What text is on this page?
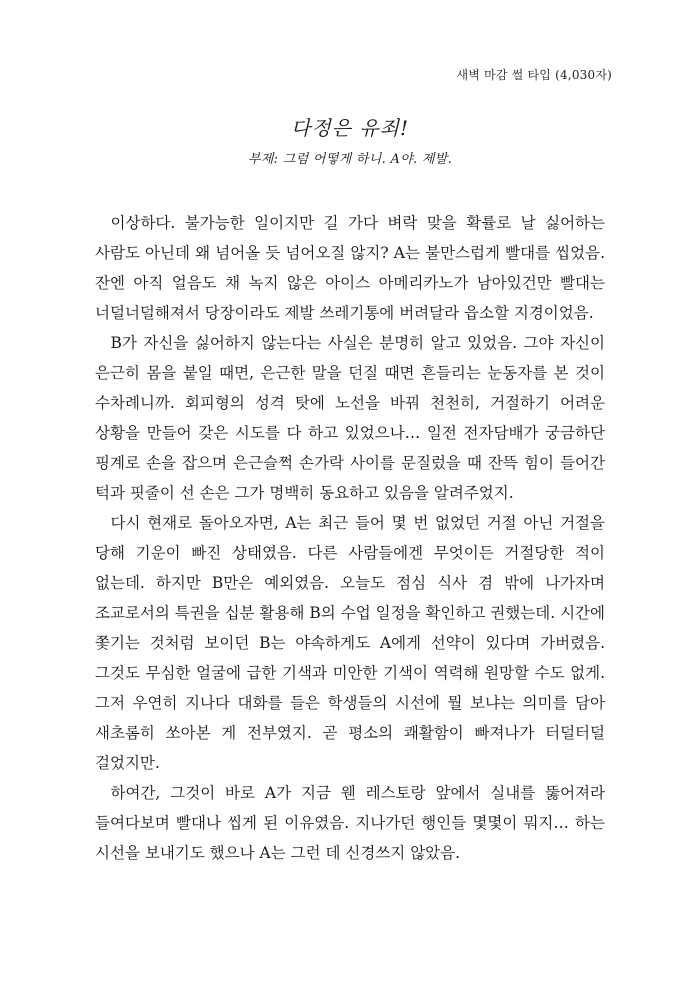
새벽 마감 썰 타입 (4,030자)
다정은 유죄!
부제: 그럼 어떻게 하니. A야. 제발.

이상하다. 불가능한 일이지만 길 가다 벼락 맞을 확률로 날 싫어하는 사람도 아닌데 왜 넘어올 듯 넘어오질 않지? A는 불만스럽게 빨대를 씹었음. 잔엔 아직 얼음도 채 녹지 않은 아이스 아메리카노가 남아있건만 빨대는 너덜너덜해져서 당장이라도 제발 쓰레기통에 버려달라 읍소할 지경이었음.

B가 자신을 싫어하지 않는다는 사실은 분명히 알고 있었음. 그야 자신이 은근히 몸을 붙일 때면, 은근한 말을 던질 때면 흔들리는 눈동자를 본 것이 수차례니까. 회피형의 성격 탓에 노선을 바꿔 천천히, 거절하기 어려운 상황을 만들어 갖은 시도를 다 하고 있었으나… 일전 전자담배가 궁금하단 핑계로 손을 잡으며 은근슬쩍 손가락 사이를 문질렀을 때 잔뜩 힘이 들어간 턱과 핏줄이 선 손은 그가 명백히 동요하고 있음을 알려주었지.

다시 현재로 돌아오자면, A는 최근 들어 몇 번 없었던 거절 아닌 거절을 당해 기운이 빠진 상태였음. 다른 사람들에겐 무엇이든 거절당한 적이 없는데. 하지만 B만은 예외였음. 오늘도 점심 식사 겸 밖에 나가자며 조교로서의 특권을 십분 활용해 B의 수업 일정을 확인하고 권했는데. 시간에 쫓기는 것처럼 보이던 B는 야속하게도 A에게 선약이 있다며 가버렸음. 그것도 무심한 얼굴에 급한 기색과 미안한 기색이 역력해 원망할 수도 없게. 그저 우연히 지나다 대화를 들은 학생들의 시선에 뭘 보냐는 의미를 담아 새초롬히 쏘아본 게 전부였지. 곧 평소의 쾌활함이 빠져나가 터덜터덜 걸었지만.

하여간, 그것이 바로 A가 지금 웬 레스토랑 앞에서 실내를 뚫어져라 들여다보며 빨대나 씹게 된 이유였음. 지나가던 행인들 몇몇이 뭐지… 하는 시선을 보내기도 했으나 A는 그런 데 신경쓰지 않았음.
